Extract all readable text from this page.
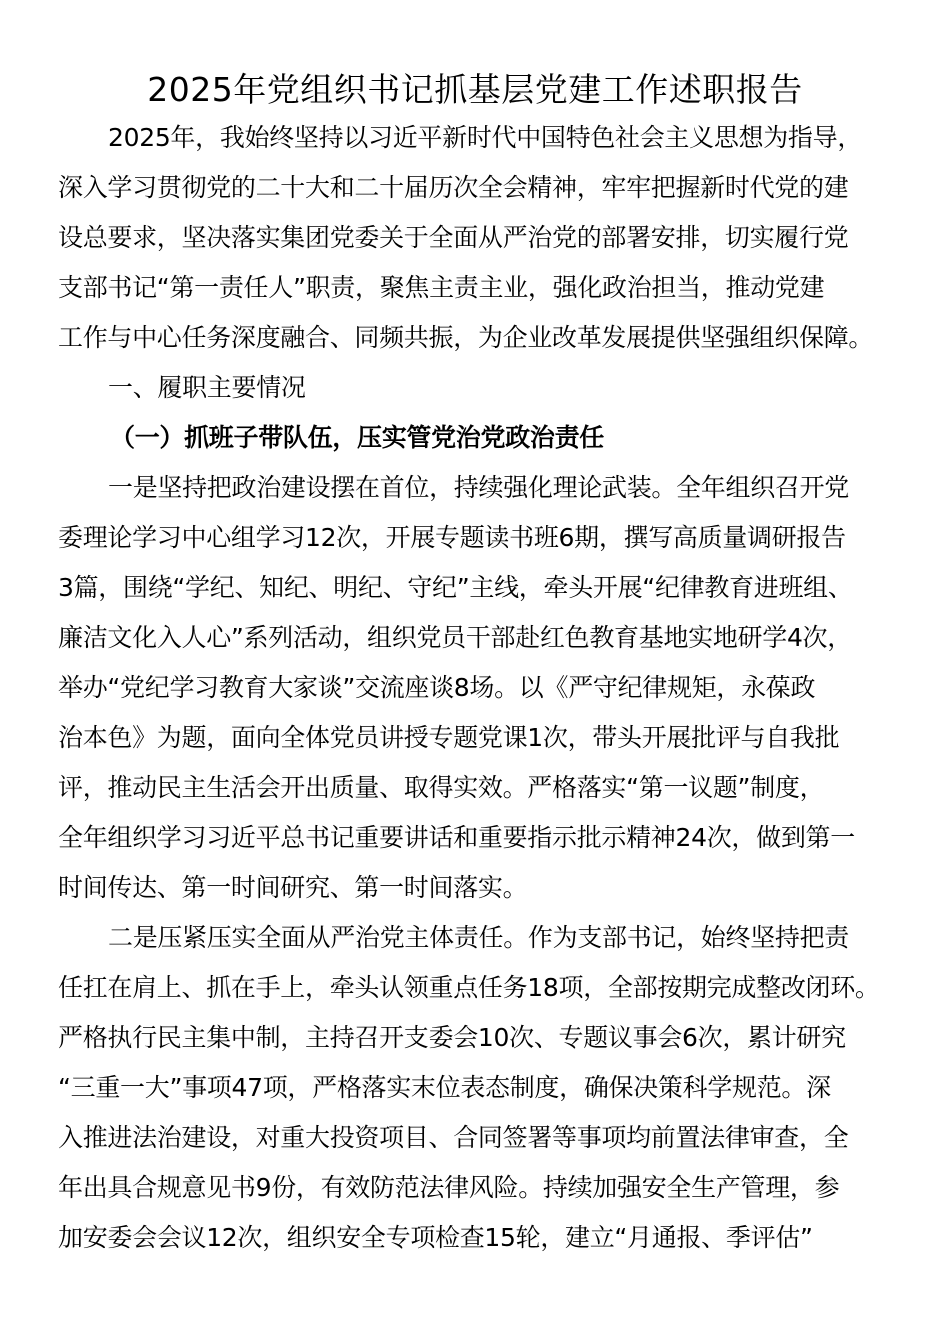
2025年党组织书记抓基层党建工作述职报告
2025年，我始终坚持以习近平新时代中国特色社会主义思想为指导，
深入学习贯彻党的二十大和二十届历次全会精神，牢牢把握新时代党的建
设总要求，坚决落实集团党委关于全面从严治党的部署安排，切实履行党
支部书记“第一责任人”职责，聚焦主责主业，强化政治担当，推动党建
工作与中心任务深度融合、同频共振，为企业改革发展提供坚强组织保障。
一、履职主要情况
（一）抓班子带队伍，压实管党治党政治责任
一是坚持把政治建设摆在首位，持续强化理论武装。全年组织召开党
委理论学习中心组学习12次，开展专题读书班6期，撰写高质量调研报告
3篇，围绕“学纪、知纪、明纪、守纪”主线，牵头开展“纪律教育进班组、
廉洁文化入人心”系列活动，组织党员干部赴红色教育基地实地研学4次，
举办“党纪学习教育大家谈”交流座谈8场。以《严守纪律规矩，永葆政
治本色》为题，面向全体党员讲授专题党课1次，带头开展批评与自我批
评，推动民主生活会开出质量、取得实效。严格落实“第一议题”制度，
全年组织学习习近平总书记重要讲话和重要指示批示精神24次，做到第一
时间传达、第一时间研究、第一时间落实。
二是压紧压实全面从严治党主体责任。作为支部书记，始终坚持把责
任扛在肩上、抓在手上，牵头认领重点任务18项，全部按期完成整改闭环。
严格执行民主集中制，主持召开支委会10次、专题议事会6次，累计研究
“三重一大”事项47项，严格落实末位表态制度，确保决策科学规范。深
入推进法治建设，对重大投资项目、合同签署等事项均前置法律审查，全
年出具合规意见书9份，有效防范法律风险。持续加强安全生产管理，参
加安委会会议12次，组织安全专项检查15轮，建立“月通报、季评估”
